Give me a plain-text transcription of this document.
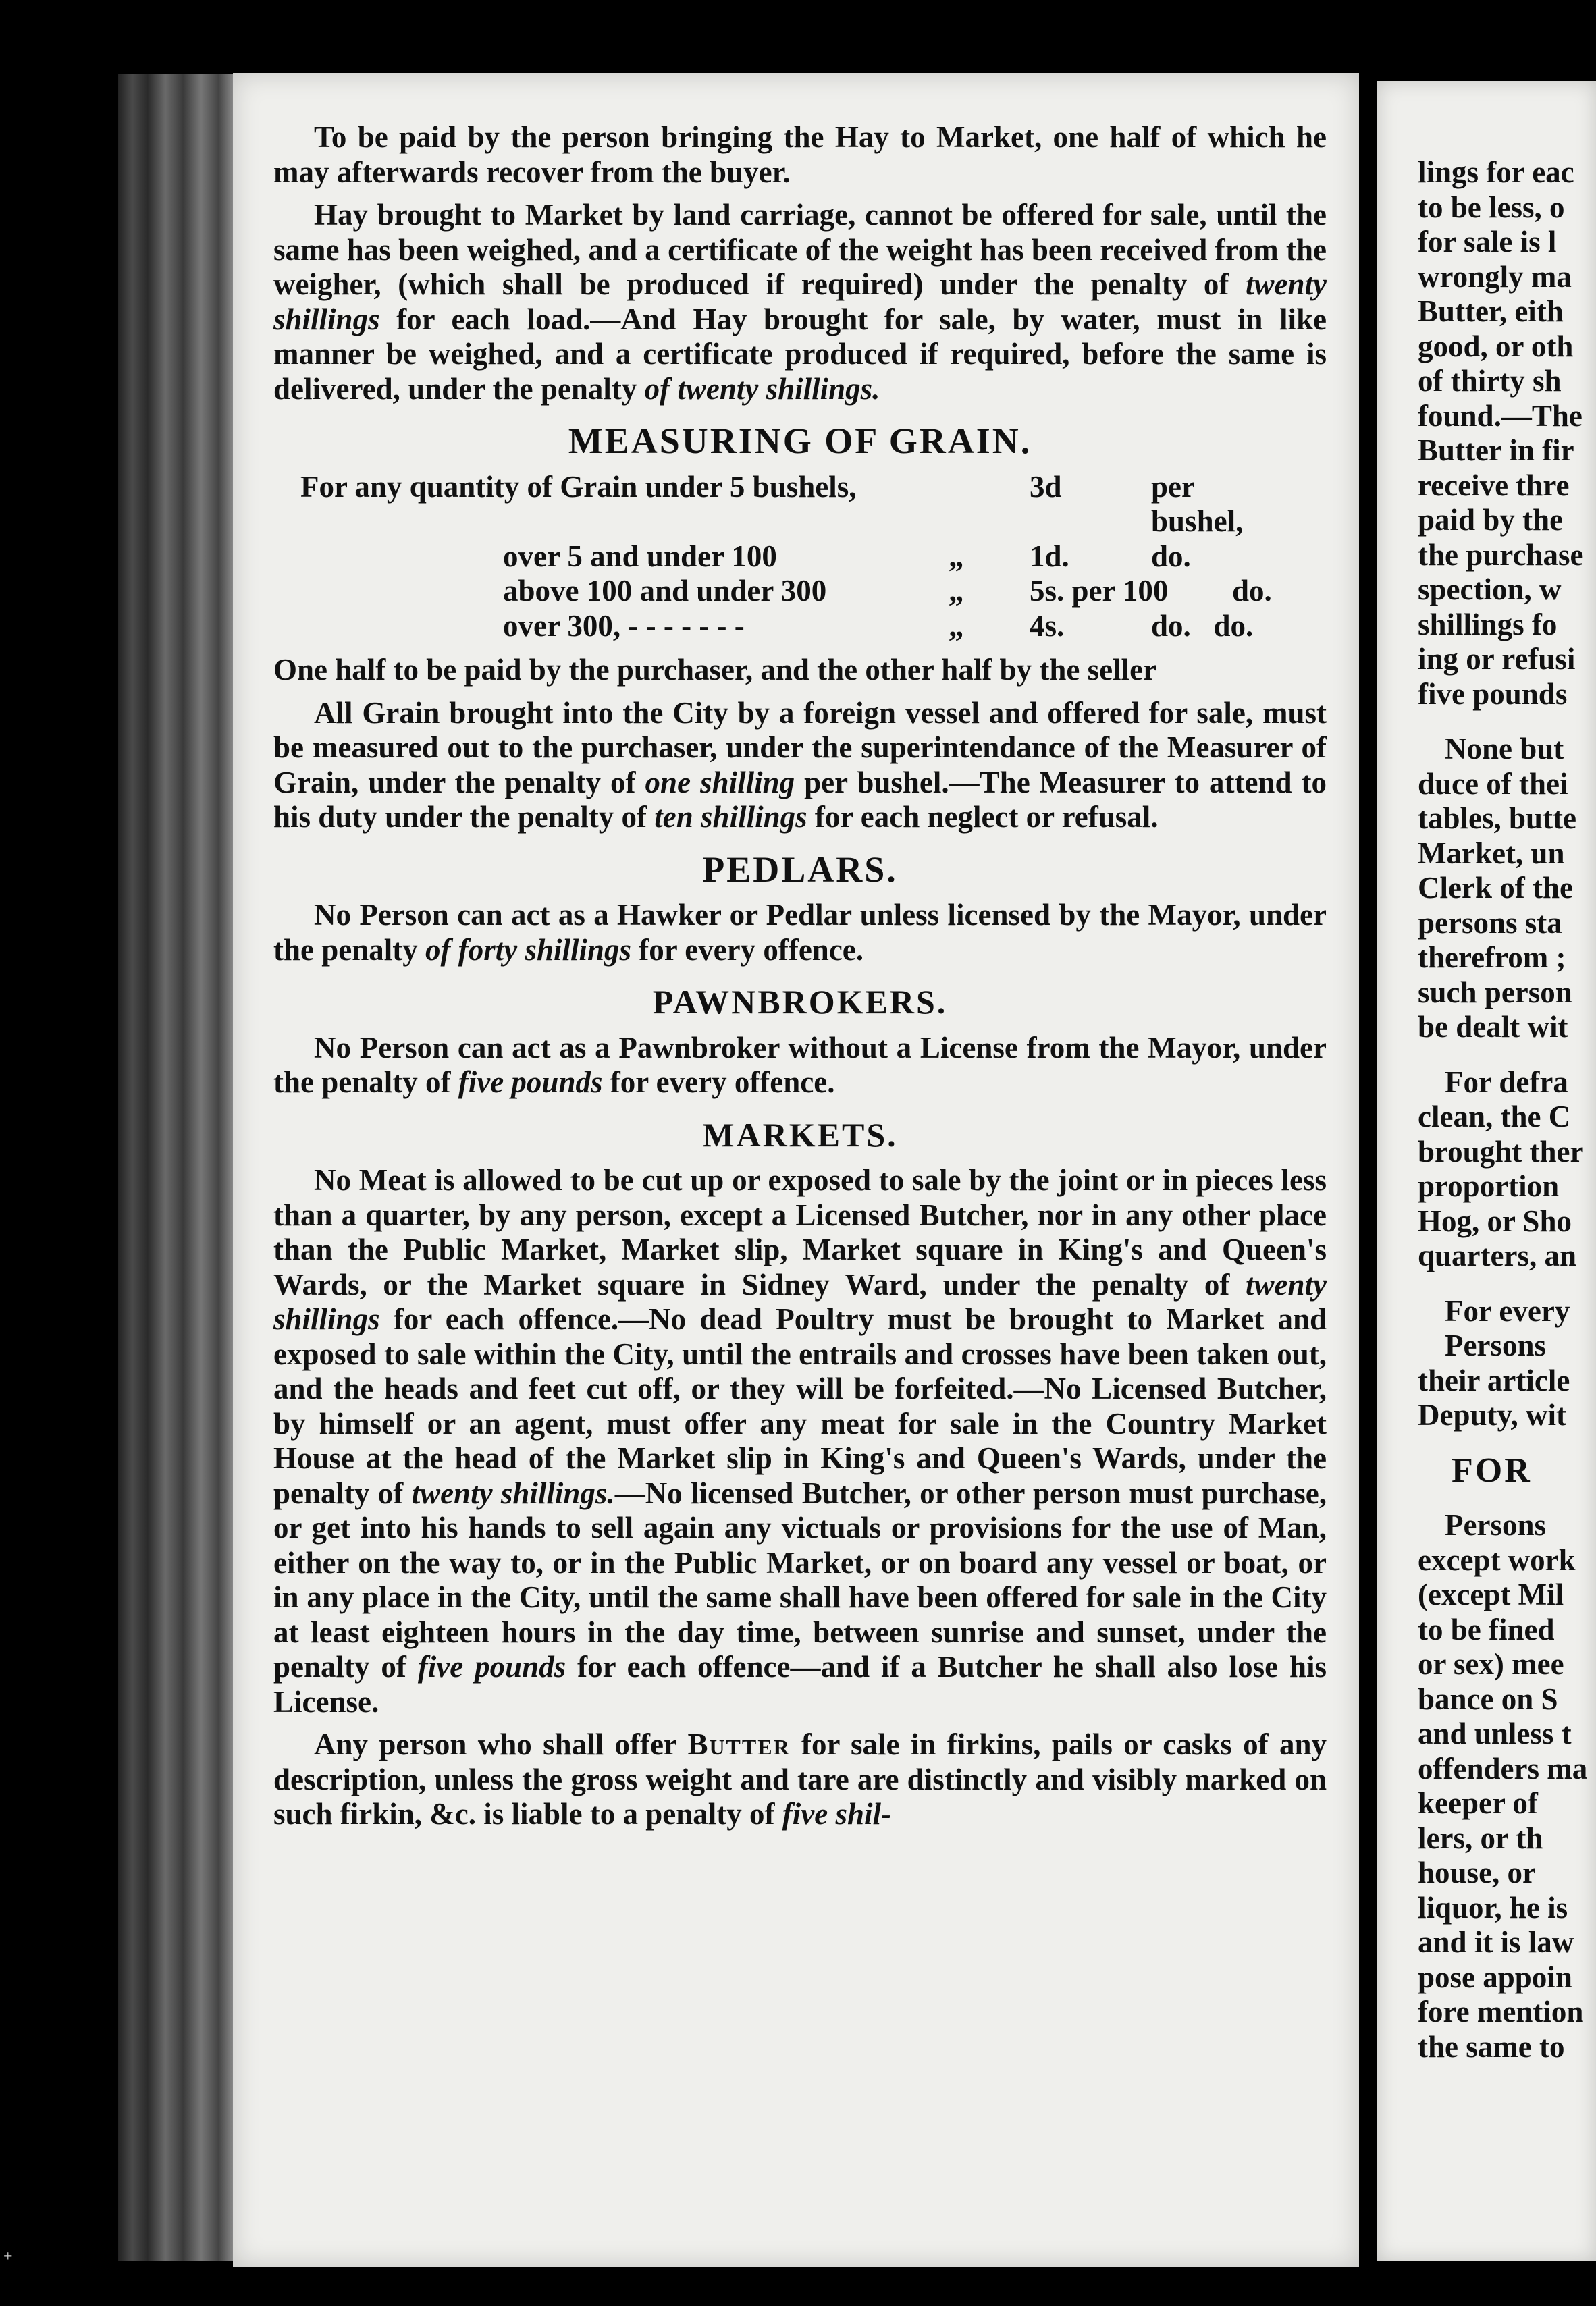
To be paid by the person bringing the Hay to Market, one half of which he may afterwards recover from the buyer.

Hay brought to Market by land carriage, cannot be offered for sale, until the same has been weighed, and a certificate of the weight has been received from the weigher, (which shall be produced if required) under the penalty of twenty shillings for each load.—And Hay brought for sale, by water, must in like manner be weighed, and a certificate produced if required, before the same is delivered, under the penalty of twenty shillings.

MEASURING OF GRAIN.
For any quantity of Grain under 5 bushels,	3d	per bushel,
over 5 and under 100	„	1d.	do.
above 100 and under 300	„	5s. per 100	do.
over 300, - - - - - - -	„	4s.	do.   do.

One half to be paid by the purchaser, and the other half by the seller

All Grain brought into the City by a foreign vessel and offered for sale, must be measured out to the purchaser, under the superintendance of the Measurer of Grain, under the penalty of one shilling per bushel.—The Measurer to attend to his duty under the penalty of ten shillings for each neglect or refusal.

PEDLARS.

No Person can act as a Hawker or Pedlar unless licensed by the Mayor, under the penalty of forty shillings for every offence.

PAWNBROKERS.

No Person can act as a Pawnbroker without a License from the Mayor, under the penalty of five pounds for every offence.

MARKETS.

No Meat is allowed to be cut up or exposed to sale by the joint or in pieces less than a quarter, by any person, except a Licensed Butcher, nor in any other place than the Public Market, Market slip, Market square in King's and Queen's Wards, or the Market square in Sidney Ward, under the penalty of twenty shillings for each offence.—No dead Poultry must be brought to Market and exposed to sale within the City, until the entrails and crosses have been taken out, and the heads and feet cut off, or they will be forfeited.—No Licensed Butcher, by himself or an agent, must offer any meat for sale in the Country Market House at the head of the Market slip in King's and Queen's Wards, under the penalty of twenty shillings.—No licensed Butcher, or other person must purchase, or get into his hands to sell again any victuals or provisions for the use of Man, either on the way to, or in the Public Market, or on board any vessel or boat, or in any place in the City, until the same shall have been offered for sale in the City at least eighteen hours in the day time, between sunrise and sunset, under the penalty of five pounds for each offence—and if a Butcher he shall also lose his License.

Any person who shall offer Butter for sale in firkins, pails or casks of any description, unless the gross weight and tare are distinctly and visibly marked on such firkin, &c. is liable to a penalty of five shil-

lings for eac
to be less, o
for sale is l
wrongly ma
Butter, eith
good, or oth
of thirty sh
found.—The
Butter in fir
receive thre
paid by the
the purchase
spection, w
shillings fo
ing or refusi
five pounds
None but
duce of thei
tables, butte
Market, un
Clerk of the
persons sta
therefrom ;
such person
be dealt wit
For defra
clean, the C
brought ther
proportion
Hog, or Sho
quarters, an
For every
Persons
their article
Deputy, wit
FOR
Persons
except work
(except Mil
to be fined
or sex) mee
bance on S
and unless t
offenders ma
keeper of
lers, or th
house, or
liquor, he is
and it is law
pose appoin
fore mention
the same to
+
